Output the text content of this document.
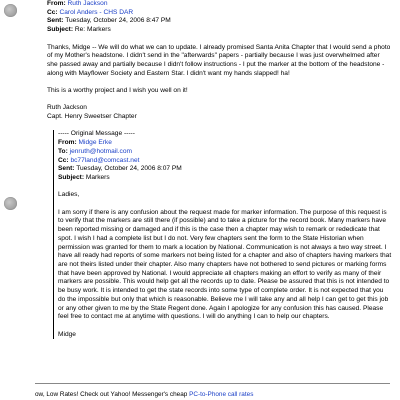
From: Ruth Jackson
Cc: Carol Anders - CHS DAR
Sent: Tuesday, October 24, 2006 8:47 PM
Subject: Re: Markers

Thanks, Midge -- We will do what we can to update. I already promised Santa Anita Chapter that I would send a photo of my Mother's headstone. I didn't send in the "afterwards" papers - partially because I was just overwhelmed after she passed away and partially because I didn't follow instructions - I put the marker at the bottom of the headstone - along with Mayflower Society and Eastern Star. I didn't want my hands slapped! ha!

This is a worthy project and I wish you well on it!

Ruth Jackson

Capt. Henry Sweetser Chapter

----- Original Message -----
From: Midge Erke
To: jenruth@hotmail.com
Cc: bc77land@comcast.net
Sent: Tuesday, October 24, 2006 8:07 PM
Subject: Markers

Ladies,

I am sorry if there is any confusion about the request made for marker information. The purpose of this request is to verify that the markers are still there (if possible) and to take a picture for the record book. Many markers have been reported missing or damaged and if this is the case then a chapter may wish to remark or rededicate that spot. I wish I had a complete list but I do not. Very few chapters sent the form to the State Historian when permission was granted for them to mark a location by National. Communication is not always a two way street. I have all ready had reports of some markers not being listed for a chapter and also of chapters having markers that are not theirs listed under their chapter. Also many chapters have not bothered to send pictures or marking forms that have been approved by National. I would appreciate all chapters making an effort to verify as many of their markers are possible. This would help get all the records up to date. Please be assured that this is not intended to be busy work. It is intended to get the state records into some type of complete order. It is not expected that you do the impossible but only that which is reasonable. Believe me I will take any and all help I can get to get this job or any other given to me by the State Regent done. Again I apologize for any confusion this has caused. Please feel free to contact me at anytime with questions. I will do anything I can to help our chapters.

Midge

ow, Low Rates! Check out Yahoo! Messenger's cheap PC-to-Phone call rates
